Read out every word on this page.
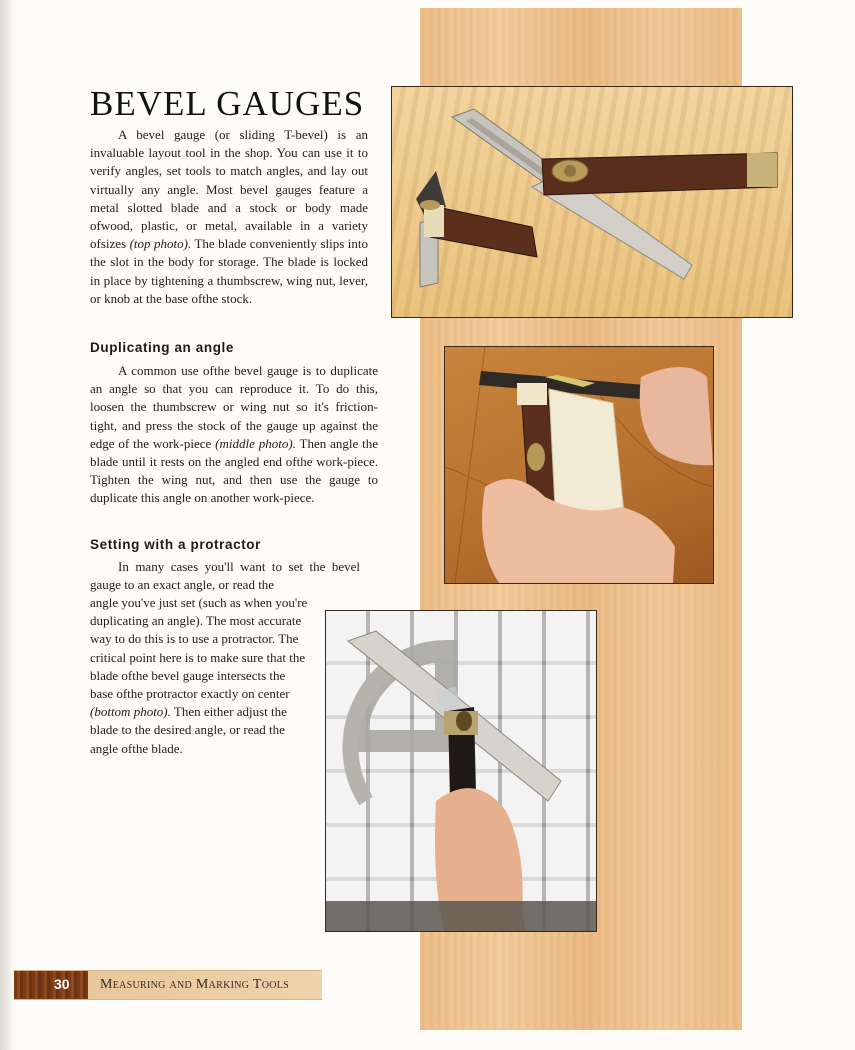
BEVEL GAUGES

A bevel gauge (or sliding T-bevel) is an invaluable layout tool in the shop. You can use it to verify angles, set tools to match angles, and lay out virtually any angle. Most bevel gauges feature a metal slotted blade and a stock or body made ofwood, plastic, or metal, available in a variety ofsizes (top photo). The blade conveniently slips into the slot in the body for storage. The blade is locked in place by tightening a thumbscrew, wing nut, lever, or knob at the base ofthe stock.

Duplicating an angle

A common use ofthe bevel gauge is to duplicate an angle so that you can reproduce it. To do this, loosen the thumbscrew or wing nut so it's friction-tight, and press the stock of the gauge up against the edge of the work-piece (middle photo). Then angle the blade until it rests on the angled end ofthe work-piece. Tighten the wing nut, and then use the gauge to duplicate this angle on another work-piece.

Setting with a protractor

In many cases you'll want to set the bevel gauge to an exact angle, or read the

angle you've just set (such as when you're duplicating an angle). The most accurate way to do this is to use a protractor. The critical point here is to make sure that the blade ofthe bevel gauge intersects the base ofthe protractor exactly on center (bottom photo). Then either adjust the blade to the desired angle, or read the angle ofthe blade.

30 Measuring and Marking Tools
